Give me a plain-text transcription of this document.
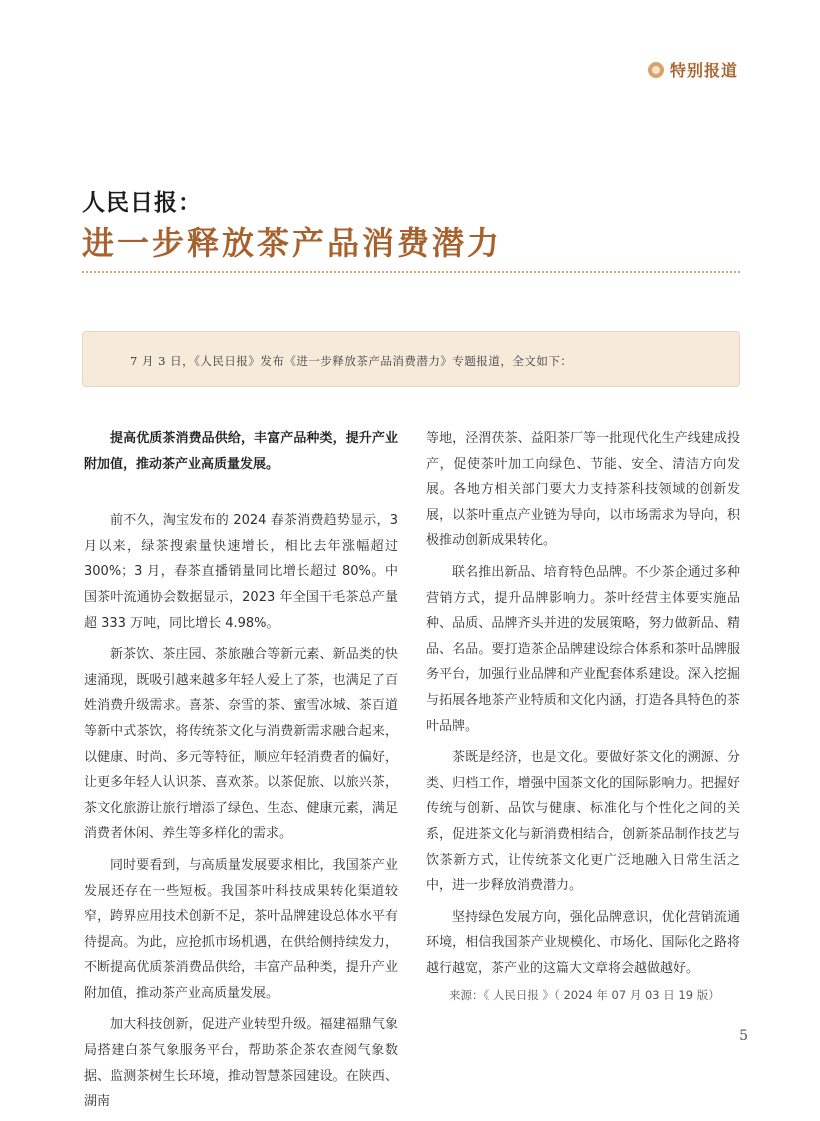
特别报道
人民日报：
进一步释放茶产品消费潜力
7 月 3 日，《人民日报》发布《进一步释放茶产品消费潜力》专题报道，全文如下：

提高优质茶消费品供给，丰富产品种类，提升产业附加值，推动茶产业高质量发展。

前不久，淘宝发布的 2024 春茶消费趋势显示，3 月以来，绿茶搜索量快速增长，相比去年涨幅超过 300%；3 月，春茶直播销量同比增长超过 80%。中国茶叶流通协会数据显示，2023 年全国干毛茶总产量超 333 万吨，同比增长 4.98%。

新茶饮、茶庄园、茶旅融合等新元素、新品类的快速涌现，既吸引越来越多年轻人爱上了茶，也满足了百姓消费升级需求。喜茶、奈雪的茶、蜜雪冰城、茶百道等新中式茶饮，将传统茶文化与消费新需求融合起来，以健康、时尚、多元等特征，顺应年轻消费者的偏好，让更多年轻人认识茶、喜欢茶。以茶促旅、以旅兴茶，茶文化旅游让旅行增添了绿色、生态、健康元素，满足消费者休闲、养生等多样化的需求。

同时要看到，与高质量发展要求相比，我国茶产业发展还存在一些短板。我国茶叶科技成果转化渠道较窄，跨界应用技术创新不足，茶叶品牌建设总体水平有待提高。为此，应抢抓市场机遇，在供给侧持续发力，不断提高优质茶消费品供给，丰富产品种类，提升产业附加值，推动茶产业高质量发展。

加大科技创新，促进产业转型升级。福建福鼎气象局搭建白茶气象服务平台，帮助茶企茶农查阅气象数据、监测茶树生长环境，推动智慧茶园建设。在陕西、湖南

等地，泾渭茯茶、益阳茶厂等一批现代化生产线建成投产，促使茶叶加工向绿色、节能、安全、清洁方向发展。各地方相关部门要大力支持茶科技领域的创新发展，以茶叶重点产业链为导向，以市场需求为导向，积极推动创新成果转化。

联名推出新品、培育特色品牌。不少茶企通过多种营销方式，提升品牌影响力。茶叶经营主体要实施品种、品质、品牌齐头并进的发展策略，努力做新品、精品、名品。要打造茶企品牌建设综合体系和茶叶品牌服务平台，加强行业品牌和产业配套体系建设。深入挖掘与拓展各地茶产业特质和文化内涵，打造各具特色的茶叶品牌。

茶既是经济，也是文化。要做好茶文化的溯源、分类、归档工作，增强中国茶文化的国际影响力。把握好传统与创新、品饮与健康、标准化与个性化之间的关系，促进茶文化与新消费相结合，创新茶品制作技艺与饮茶新方式，让传统茶文化更广泛地融入日常生活之中，进一步释放消费潜力。

坚持绿色发展方向，强化品牌意识，优化营销流通环境，相信我国茶产业规模化、市场化、国际化之路将越行越宽，茶产业的这篇大文章将会越做越好。

来源：《 人民日报 》（ 2024 年 07 月 03 日 19 版）

5
